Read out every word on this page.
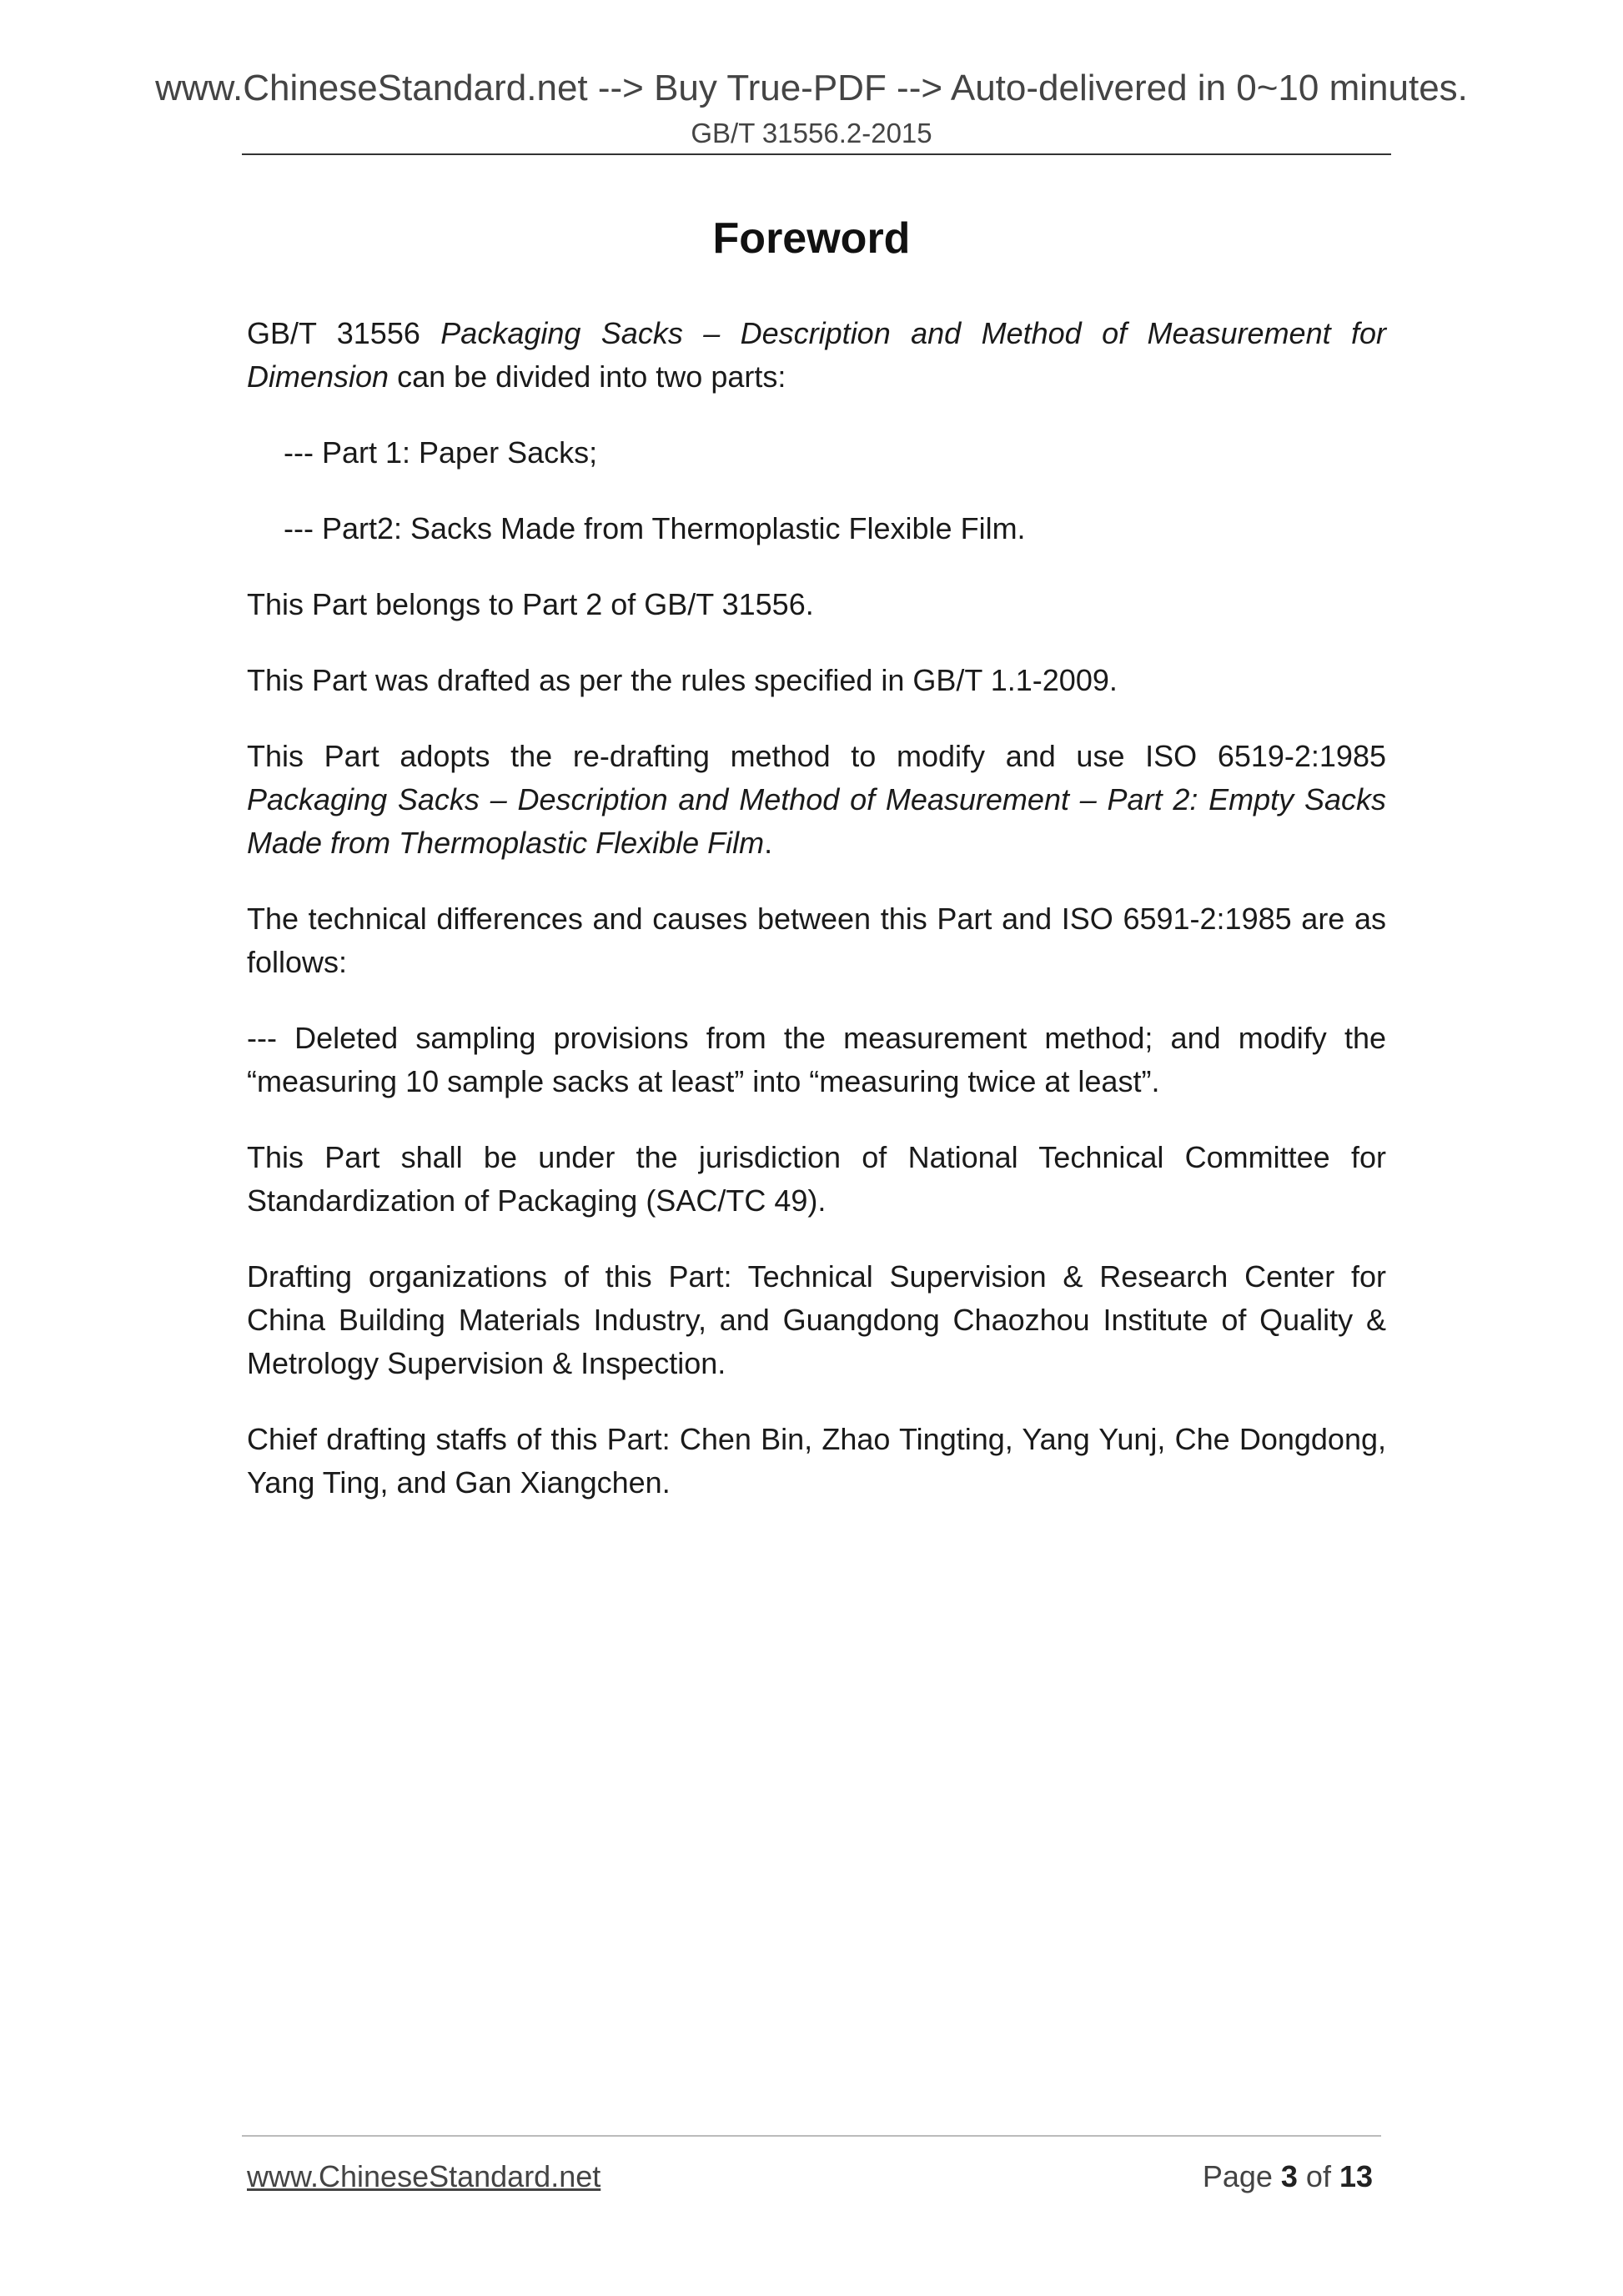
www.ChineseStandard.net --> Buy True-PDF --> Auto-delivered in 0~10 minutes.
GB/T 31556.2-2015
Foreword

GB/T 31556 Packaging Sacks – Description and Method of Measurement for Dimension can be divided into two parts:

--- Part 1: Paper Sacks;

--- Part2: Sacks Made from Thermoplastic Flexible Film.

This Part belongs to Part 2 of GB/T 31556.

This Part was drafted as per the rules specified in GB/T 1.1-2009.

This Part adopts the re-drafting method to modify and use ISO 6519-2:1985 Packaging Sacks – Description and Method of Measurement – Part 2: Empty Sacks Made from Thermoplastic Flexible Film.

The technical differences and causes between this Part and ISO 6591-2:1985 are as follows:

--- Deleted sampling provisions from the measurement method; and modify the “measuring 10 sample sacks at least” into “measuring twice at least”.

This Part shall be under the jurisdiction of National Technical Committee for Standardization of Packaging (SAC/TC 49).

Drafting organizations of this Part: Technical Supervision & Research Center for China Building Materials Industry, and Guangdong Chaozhou Institute of Quality & Metrology Supervision & Inspection.

Chief drafting staffs of this Part: Chen Bin, Zhao Tingting, Yang Yunj, Che Dongdong, Yang Ting, and Gan Xiangchen.

www.ChineseStandard.net	Page 3 of 13
